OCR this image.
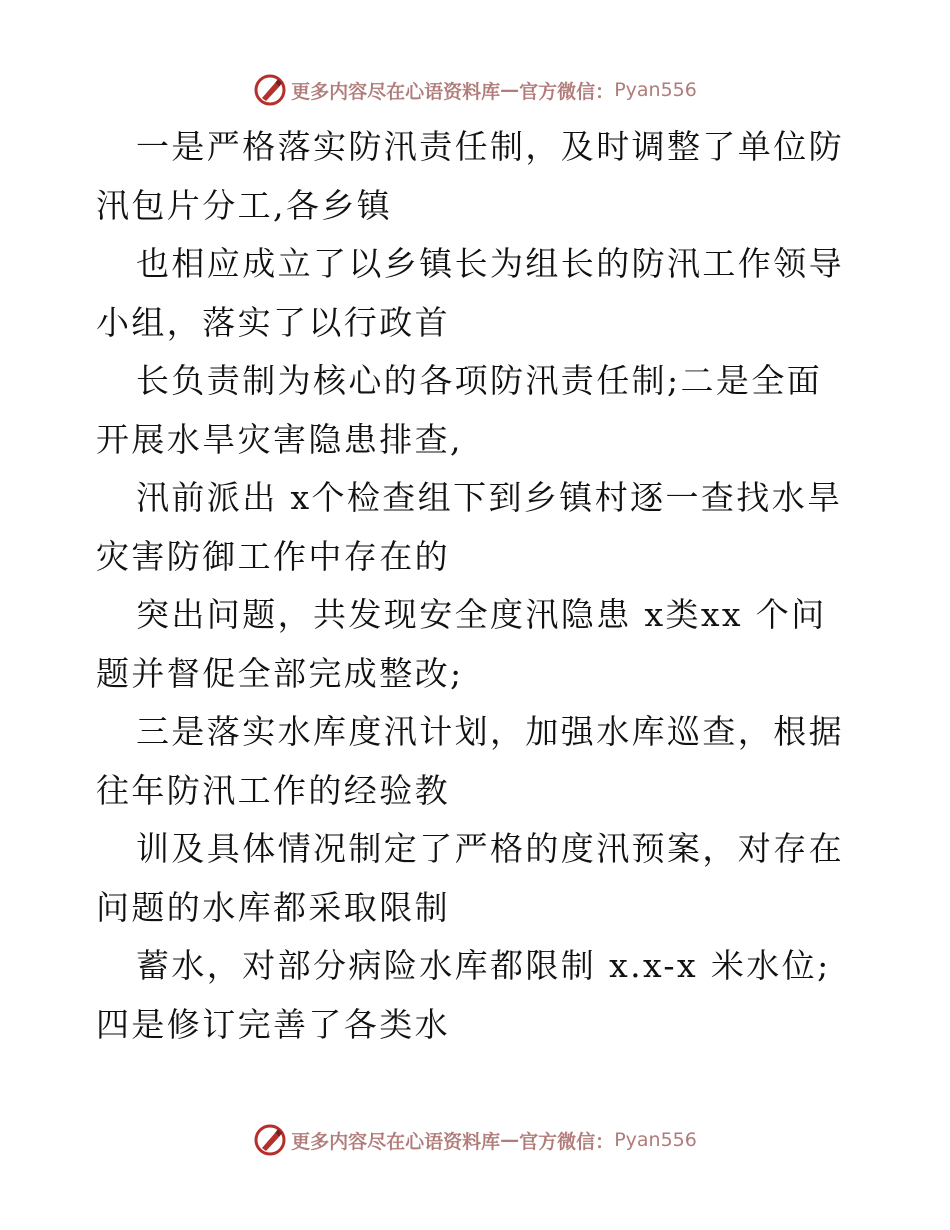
更多内容尽在心语资料库 — 官方微信： Pyan556

一是严格落实防汛责任制，及时调整了单位防汛包片分工,各乡镇

也相应成立了以乡镇长为组长的防汛工作领导小组，落实了以行政首

长负责制为核心的各项防汛责任制;二是全面开展水旱灾害隐患排查,

汛前派出 x个检查组下到乡镇村逐一查找水旱灾害防御工作中存在的

突出问题，共发现安全度汛隐患 x类xx 个问题并督促全部完成整改;

三是落实水库度汛计划，加强水库巡查，根据往年防汛工作的经验教

训及具体情况制定了严格的度汛预案，对存在问题的水库都采取限制

蓄水，对部分病险水库都限制 x.x-x 米水位;四是修订完善了各类水

更多内容尽在心语资料库 — 官方微信： Pyan556
